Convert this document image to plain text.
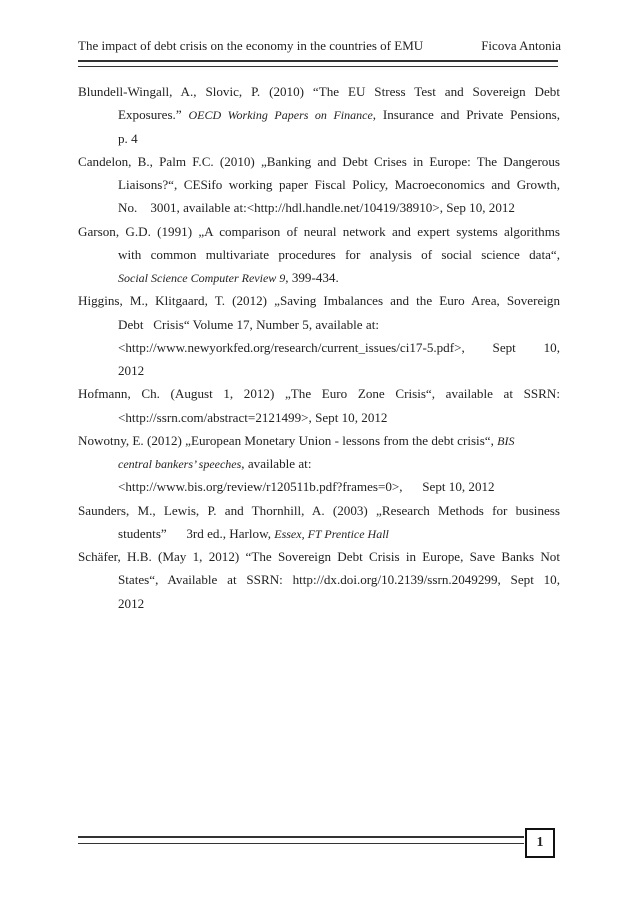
The impact of debt crisis on the economy in the countries of EMU	Ficova Antonia
Blundell-Wingall, A., Slovic, P. (2010) “The EU Stress Test and Sovereign Debt
Exposures.” OECD Working Papers on Finance, Insurance and Private Pensions,
p. 4
Candelon, B., Palm F.C. (2010) „Banking and Debt Crises in Europe: The Dangerous
Liaisons?“, CESifo working paper Fiscal Policy, Macroeconomics and Growth,
No.    3001, available at:<http://hdl.handle.net/10419/38910>, Sep 10, 2012
Garson, G.D. (1991) „A comparison of neural network and expert systems algorithms
with common multivariate procedures for analysis of social science data“,
Social Science Computer Review 9, 399-434.
Higgins, M., Klitgaard, T. (2012) „Saving Imbalances and the Euro Area, Sovereign
Debt   Crisis“ Volume 17, Number 5, available at:
<http://www.newyorkfed.org/research/current_issues/ci17-5.pdf>, Sept 10,
2012
Hofmann, Ch. (August 1, 2012) „The Euro Zone Crisis“, available at SSRN:
<http://ssrn.com/abstract=2121499>, Sept 10, 2012
Nowotny, E. (2012) „European Monetary Union - lessons from the debt crisis“, BIS
central bankers’ speeches, available at:
<http://www.bis.org/review/r120511b.pdf?frames=0>,      Sept 10, 2012
Saunders, M., Lewis, P. and Thornhill, A. (2003) „Research Methods for business
students”      3rd ed., Harlow, Essex, FT Prentice Hall
Schäfer, H.B. (May 1, 2012) “The Sovereign Debt Crisis in Europe, Save Banks Not
States“, Available at SSRN: http://dx.doi.org/10.2139/ssrn.2049299, Sept 10,
2012
1
